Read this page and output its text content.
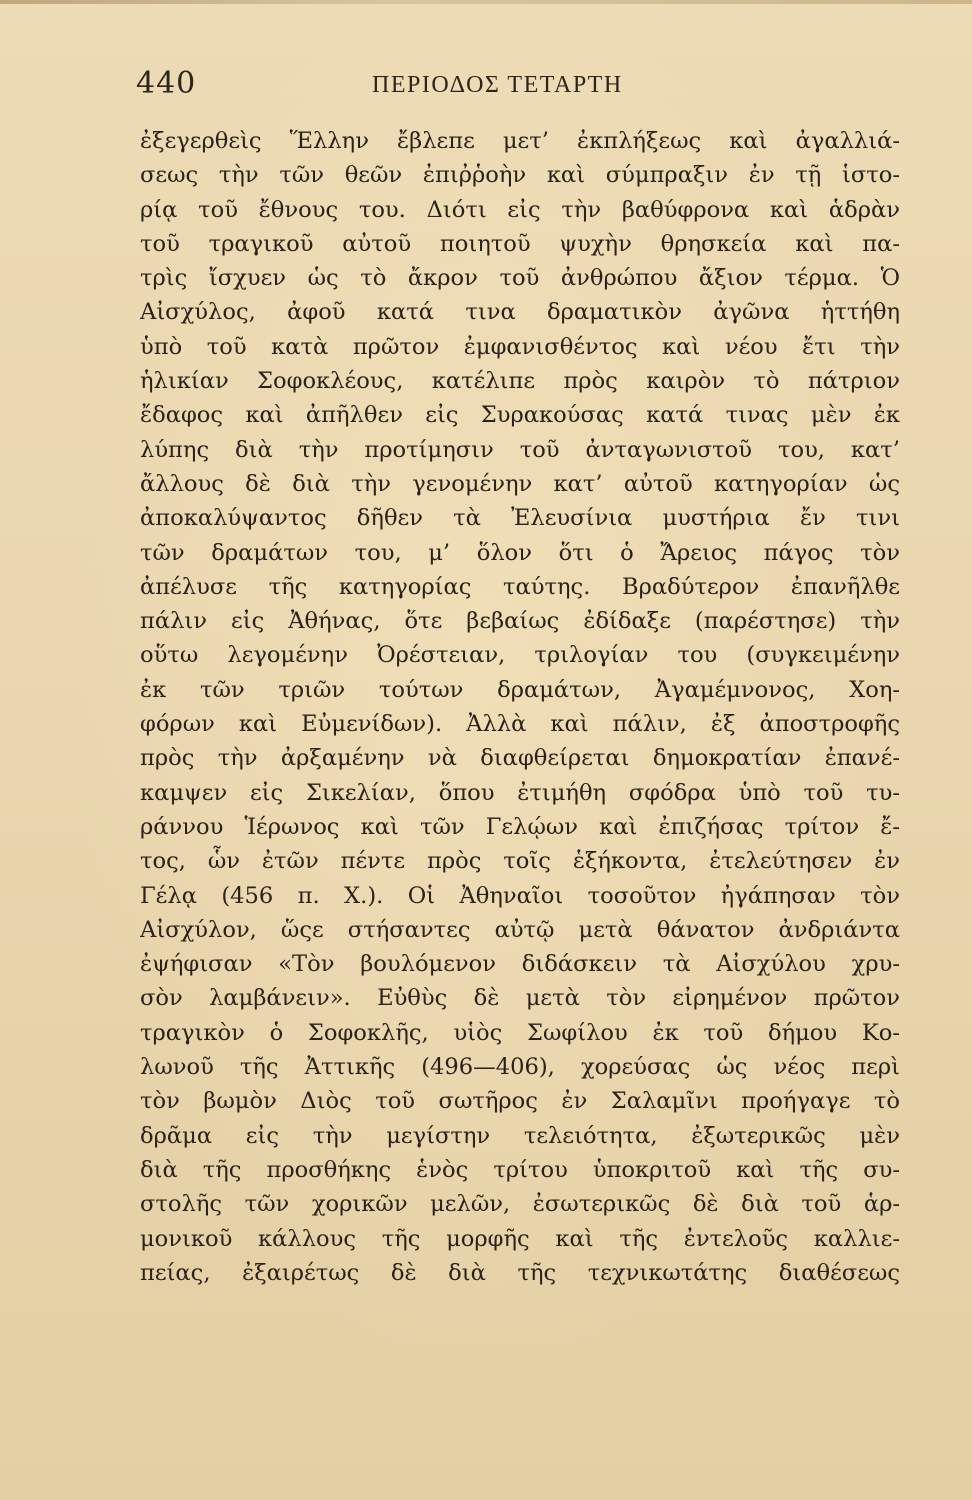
440	ΠΕΡΙΟΔΟΣ ΤΕΤΑΡΤΗ
ἐξεγερθεὶς Ἕλλην ἔβλεπε μετ’ ἐκπλήξεως καὶ ἀγαλλιά-
σεως τὴν τῶν θεῶν ἐπιῤῥοὴν καὶ σύμπραξιν ἐν τῇ ἱστο-
ρίᾳ τοῦ ἔθνους του. Διότι εἰς τὴν βαθύφρονα καὶ ἁδρὰν
τοῦ τραγικοῦ αὐτοῦ ποιητοῦ ψυχὴν θρησκεία καὶ πα-
τρὶς ἴσχυεν ὡς τὸ ἄκρον τοῦ ἀνθρώπου ἄξιον τέρμα. Ὁ
Αἰσχύλος, ἀφοῦ κατά τινα δραματικὸν ἀγῶνα ἡττήθη
ὑπὸ τοῦ κατὰ πρῶτον ἐμφανισθέντος καὶ νέου ἔτι τὴν
ἡλικίαν Σοφοκλέους, κατέλιπε πρὸς καιρὸν τὸ πάτριον
ἔδαφος καὶ ἀπῆλθεν εἰς Συρακούσας κατά τινας μὲν ἐκ
λύπης διὰ τὴν προτίμησιν τοῦ ἀνταγωνιστοῦ του, κατ’
ἄλλους δὲ διὰ τὴν γενομένην κατ’ αὐτοῦ κατηγορίαν ὡς
ἀποκαλύψαντος δῆθεν τὰ Ἐλευσίνια μυστήρια ἔν τινι
τῶν δραμάτων του, μ’ ὅλον ὅτι ὁ Ἄρειος πάγος τὸν
ἀπέλυσε τῆς κατηγορίας ταύτης. Βραδύτερον ἐπανῆλθε
πάλιν εἰς Ἀθήνας, ὅτε βεβαίως ἐδίδαξε (παρέστησε) τὴν
οὕτω λεγομένην Ὀρέστειαν, τριλογίαν του (συγκειμένην
ἐκ τῶν τριῶν τούτων δραμάτων, Ἀγαμέμνονος, Χοη-
φόρων καὶ Εὐμενίδων). Ἀλλὰ καὶ πάλιν, ἐξ ἀποστροφῆς
πρὸς τὴν ἀρξαμένην νὰ διαφθείρεται δημοκρατίαν ἐπανέ-
καμψεν εἰς Σικελίαν, ὅπου ἐτιμήθη σφόδρα ὑπὸ τοῦ τυ-
ράννου Ἱέρωνος καὶ τῶν Γελῴων καὶ ἐπιζήσας τρίτον ἔ-
τος, ὧν ἐτῶν πέντε πρὸς τοῖς ἑξήκοντα, ἐτελεύτησεν ἐν
Γέλᾳ (456 π. Χ.). Οἱ Ἀθηναῖοι τοσοῦτον ἠγάπησαν τὸν
Αἰσχύλον, ὥςε στήσαντες αὐτῷ μετὰ θάνατον ἀνδριάντα
ἐψήφισαν «Τὸν βουλόμενον διδάσκειν τὰ Αἰσχύλου χρυ-
σὸν λαμβάνειν». Εὐθὺς δὲ μετὰ τὸν εἰρημένον πρῶτον
τραγικὸν ὁ Σοφοκλῆς, υἱὸς Σωφίλου ἐκ τοῦ δήμου Κο-
λωνοῦ τῆς Ἀττικῆς (496—406), χορεύσας ὡς νέος περὶ
τὸν βωμὸν Διὸς τοῦ σωτῆρος ἐν Σαλαμῖνι προήγαγε τὸ
δρᾶμα εἰς τὴν μεγίστην τελειότητα, ἐξωτερικῶς μὲν
διὰ τῆς προσθήκης ἑνὸς τρίτου ὑποκριτοῦ καὶ τῆς συ-
στολῆς τῶν χορικῶν μελῶν, ἐσωτερικῶς δὲ διὰ τοῦ ἁρ-
μονικοῦ κάλλους τῆς μορφῆς καὶ τῆς ἐντελοῦς καλλιε-
πείας, ἐξαιρέτως δὲ διὰ τῆς τεχνικωτάτης διαθέσεως
